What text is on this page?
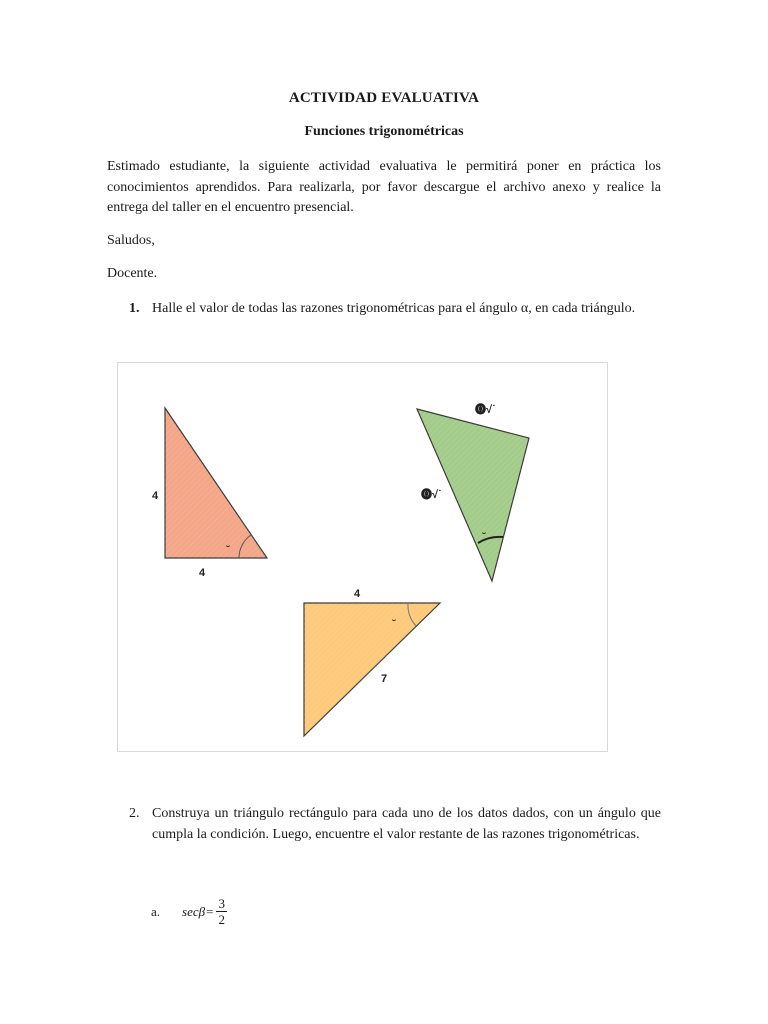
ACTIVIDAD EVALUATIVA
Funciones trigonométricas

Estimado estudiante, la siguiente actividad evaluativa le permitirá poner en práctica los conocimientos aprendidos. Para realizarla, por favor descargue el archivo anexo y realice la entrega del taller en el encuentro presencial.

Saludos,

Docente.

1. Halle el valor de todas las razones trigonométricas para el ángulo α, en cada triángulo.
4
4
⓿√˙
⓿√˙
4
7
2. Construya un triángulo rectángulo para cada uno de los datos dados, con un ángulo que cumpla la condición. Luego, encuentre el valor restante de las razones trigonométricas.
a. $\sec\beta = \frac{3}{2}$
